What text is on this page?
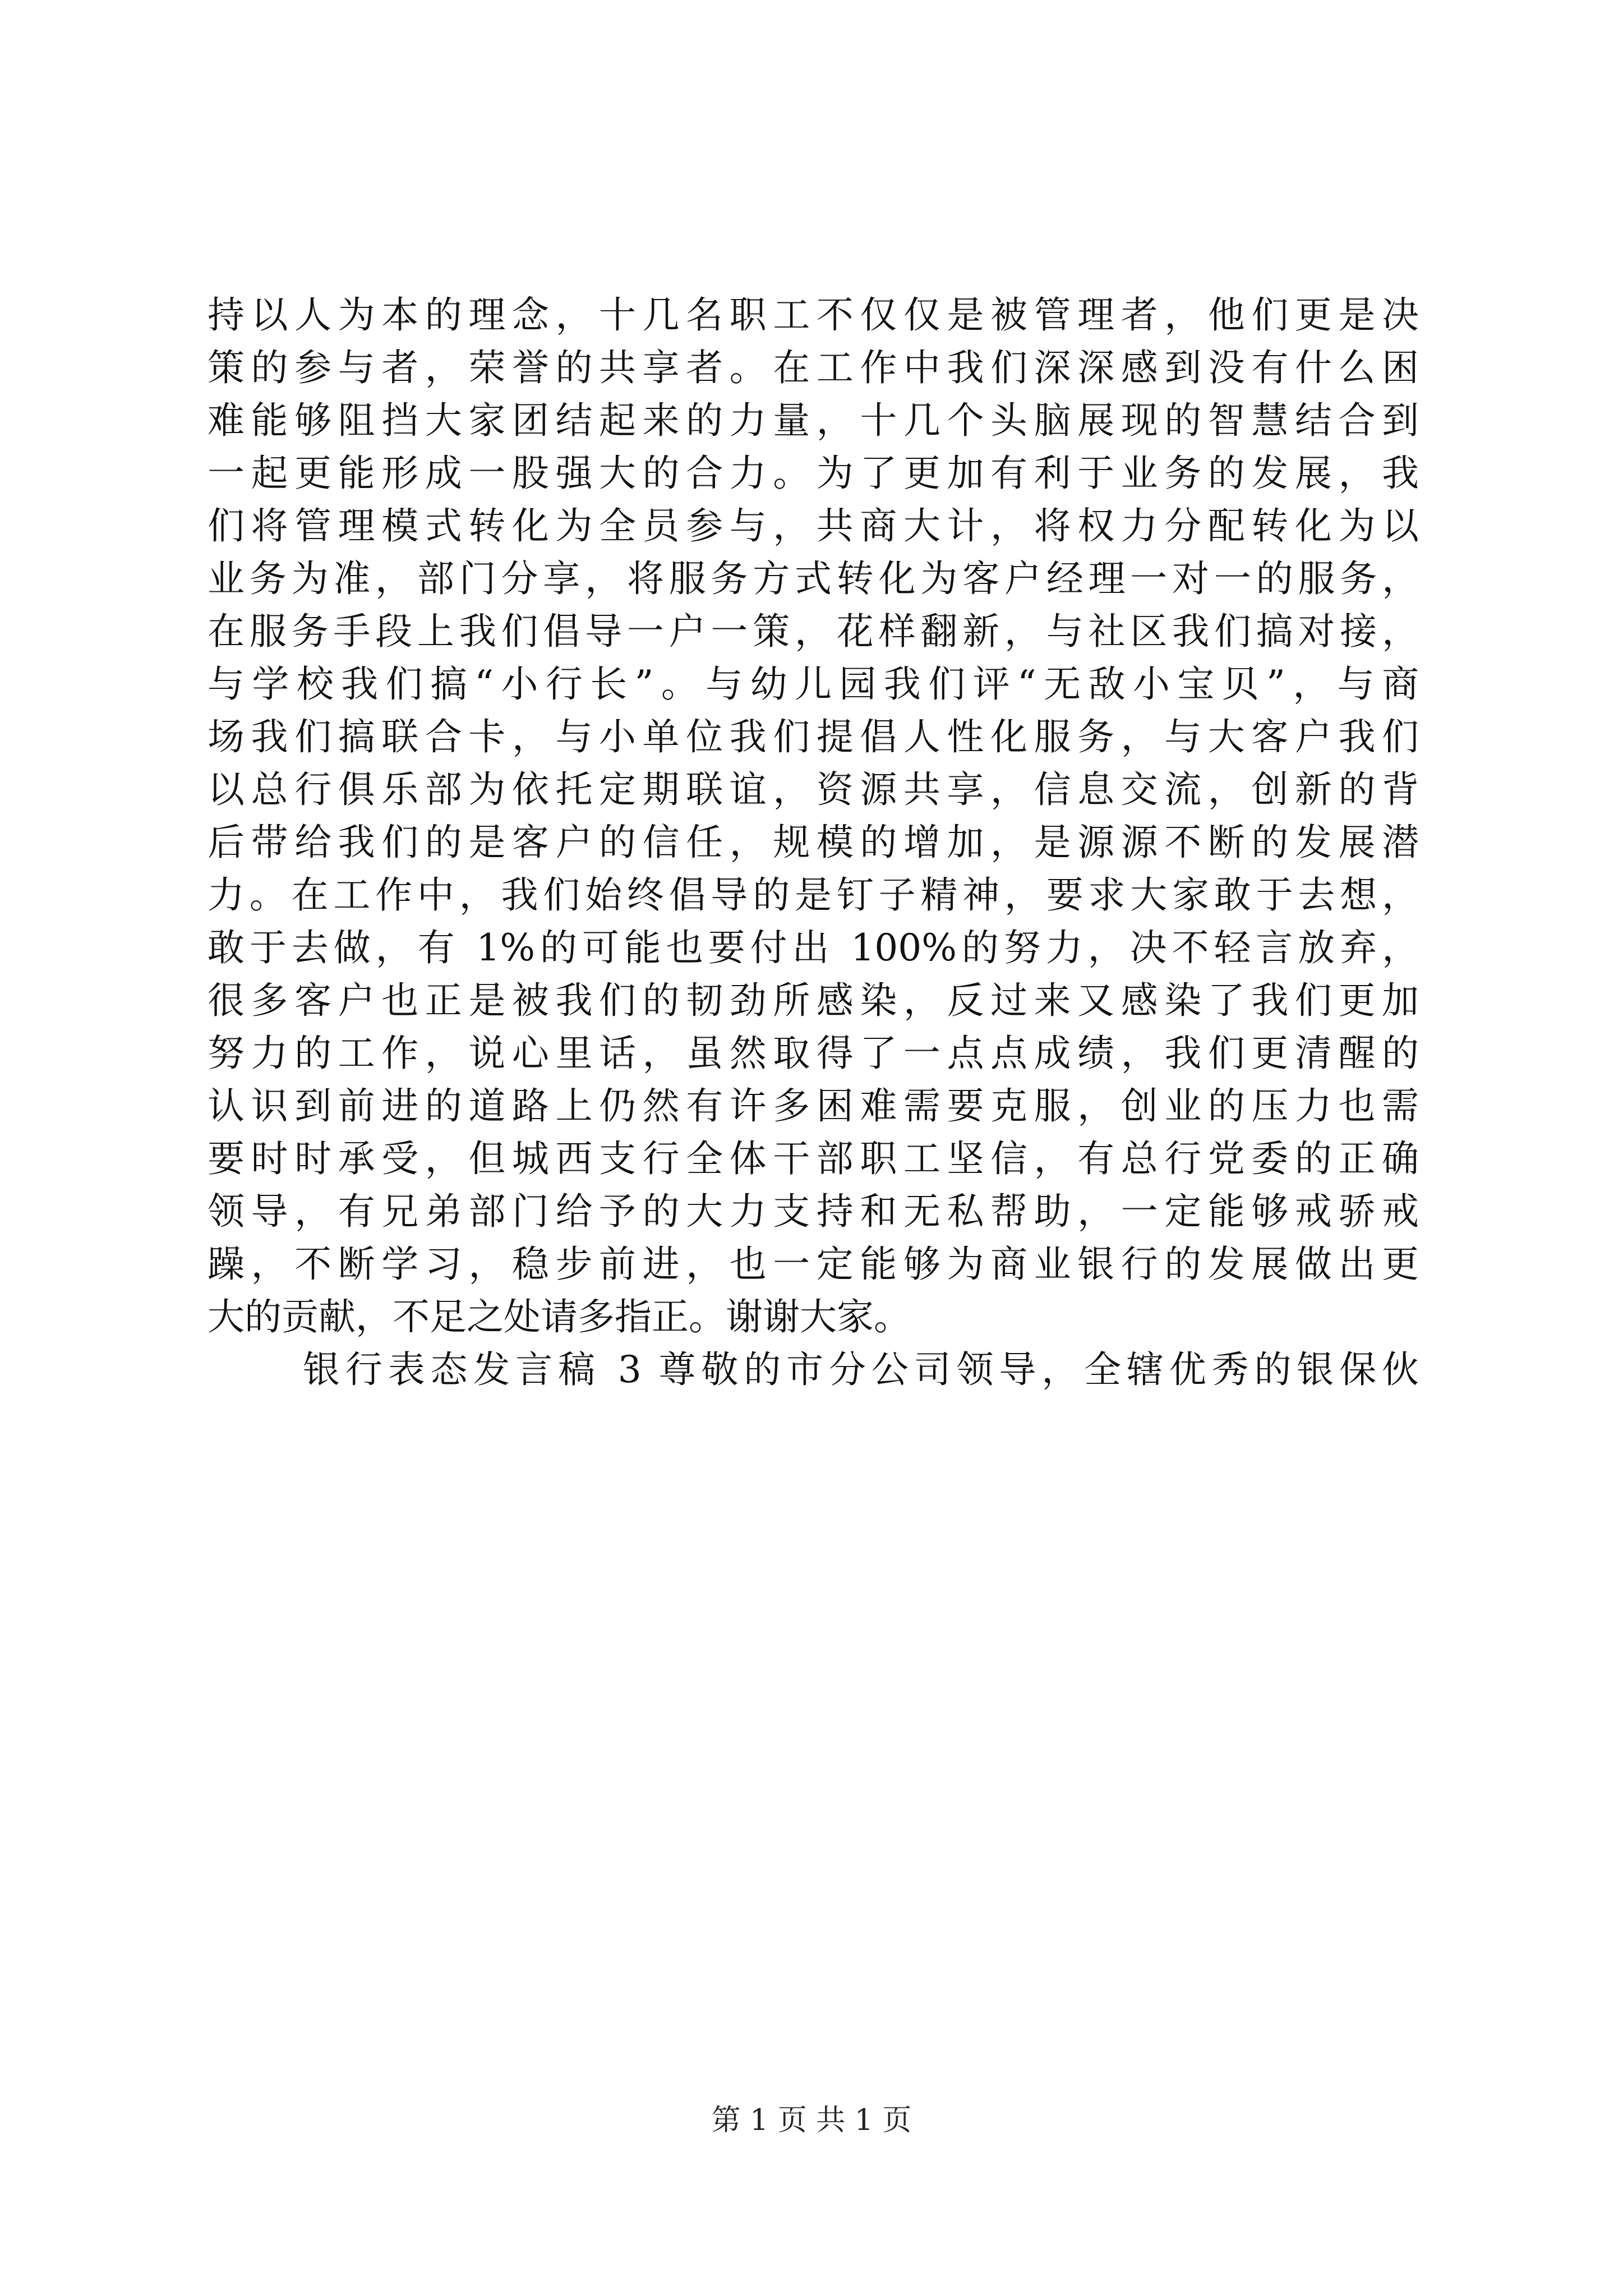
持以人为本的理念，十几名职工不仅仅是被管理者，他们更是决
策的参与者，荣誉的共享者。在工作中我们深深感到没有什么困
难能够阻挡大家团结起来的力量，十几个头脑展现的智慧结合到
一起更能形成一股强大的合力。为了更加有利于业务的发展，我
们将管理模式转化为全员参与，共商大计，将权力分配转化为以
业务为准，部门分享，将服务方式转化为客户经理一对一的服务，
在服务手段上我们倡导一户一策，花样翻新，与社区我们搞对接，
与学校我们搞“小行长”。与幼儿园我们评“无敌小宝贝”，与商
场我们搞联合卡，与小单位我们提倡人性化服务，与大客户我们
以总行俱乐部为依托定期联谊，资源共享，信息交流，创新的背
后带给我们的是客户的信任，规模的增加，是源源不断的发展潜
力。在工作中，我们始终倡导的是钉子精神，要求大家敢于去想，
敢于去做，有 1%的可能也要付出 100%的努力，决不轻言放弃，
很多客户也正是被我们的韧劲所感染，反过来又感染了我们更加
努力的工作，说心里话，虽然取得了一点点成绩，我们更清醒的
认识到前进的道路上仍然有许多困难需要克服，创业的压力也需
要时时承受，但城西支行全体干部职工坚信，有总行党委的正确
领导，有兄弟部门给予的大力支持和无私帮助，一定能够戒骄戒
躁，不断学习，稳步前进，也一定能够为商业银行的发展做出更
大的贡献，不足之处请多指正。谢谢大家。
银行表态发言稿 3 尊敬的市分公司领导，全辖优秀的银保伙
第 1 页 共 1 页
